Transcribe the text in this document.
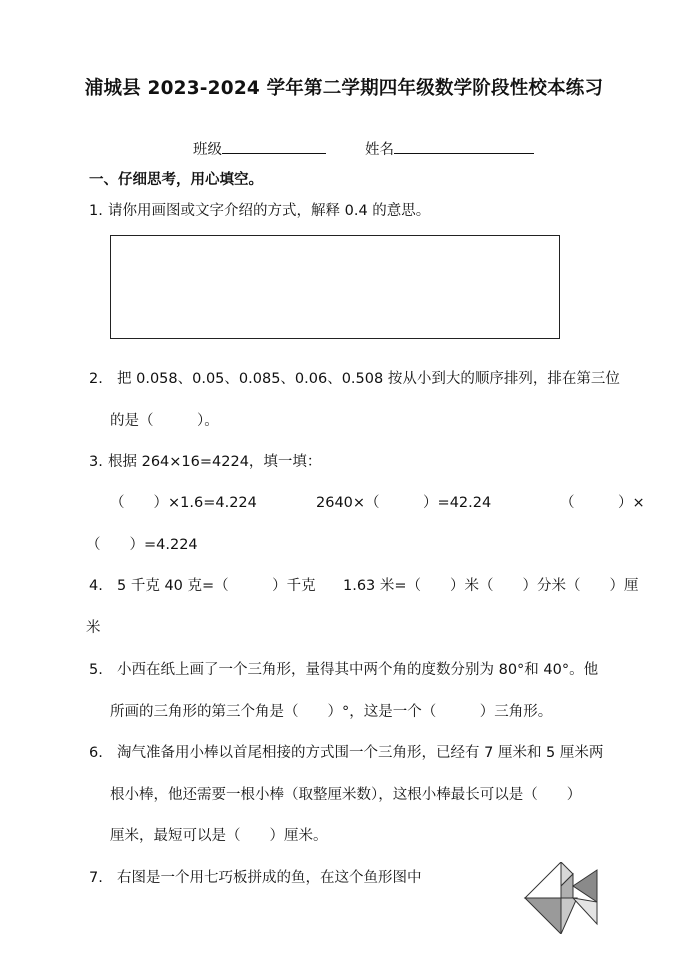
浦城县 2023-2024 学年第二学期四年级数学阶段性校本练习
班级	姓名
一、仔细思考，用心填空。
1. 请你用画图或文字介绍的方式，解释 0.4 的意思。
2. 把 0.058、0.05、0.085、0.06、0.508 按从小到大的顺序排列，排在第三位
的是（　　　）。
3. 根据 264×16=4224，填一填：
（　　）×1.6=4.224	2640×（　　　）=42.24	（　　　）×
（　　）=4.224
4. 5 千克 40 克=（　　　）千克 1.63 米=（　　）米（　　）分米（　　）厘
米
5. 小西在纸上画了一个三角形，量得其中两个角的度数分别为 80°和 40°。他
所画的三角形的第三个角是（　　）°，这是一个（　　　）三角形。
6. 淘气准备用小棒以首尾相接的方式围一个三角形，已经有 7 厘米和 5 厘米两
根小棒，他还需要一根小棒（取整厘米数），这根小棒最长可以是（　　）
厘米，最短可以是（　　）厘米。
7. 右图是一个用七巧板拼成的鱼，在这个鱼形图中
